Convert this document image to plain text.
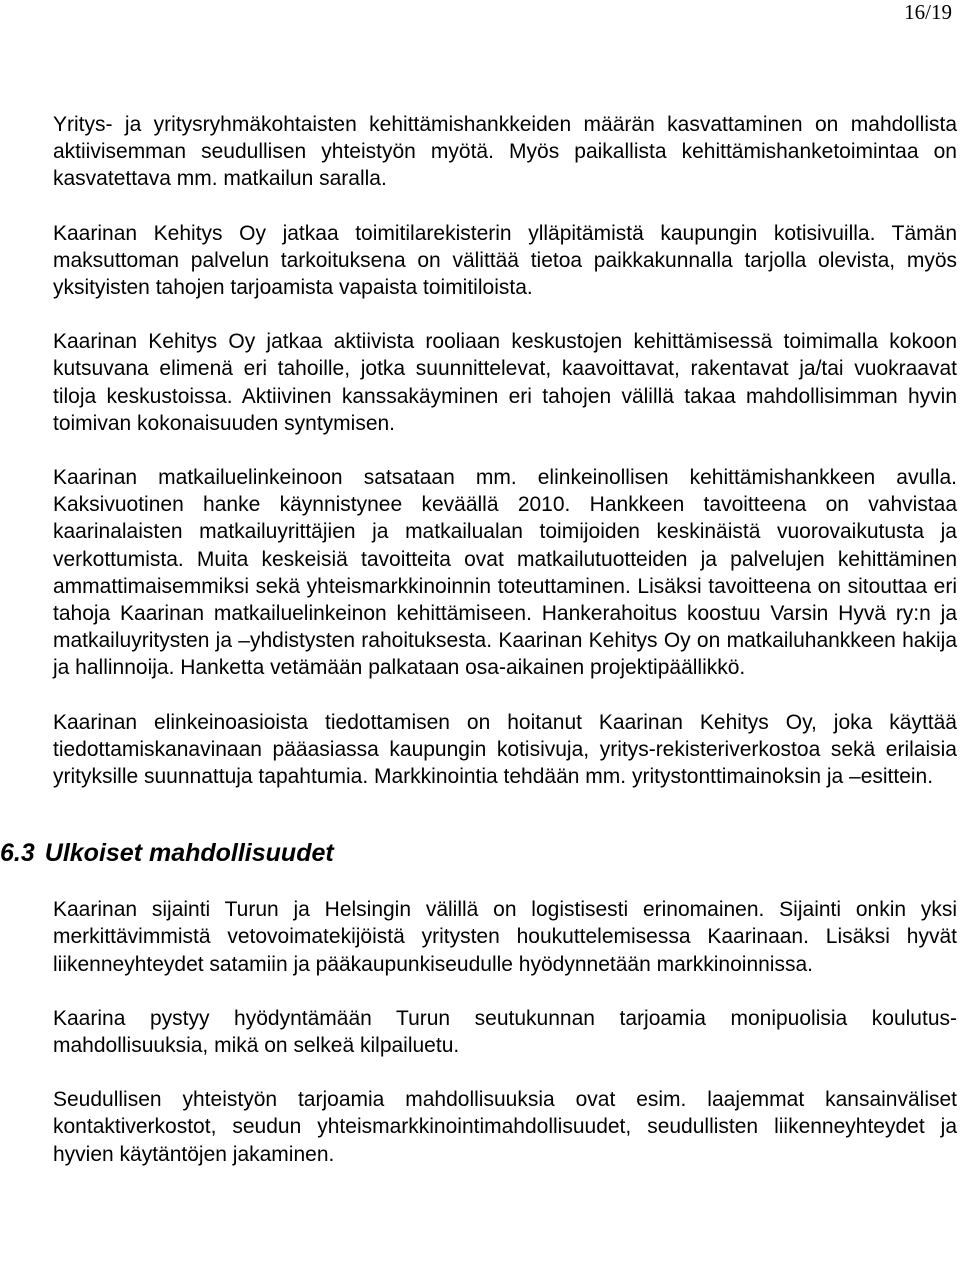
16/19

Yritys- ja yritysryhmäkohtaisten kehittämishankkeiden määrän kasvattaminen on mahdollista aktiivisemman seudullisen yhteistyön myötä. Myös paikallista kehittämishanketoimintaa on kasvatettava mm. matkailun saralla.

Kaarinan Kehitys Oy jatkaa toimitilarekisterin ylläpitämistä kaupungin kotisivuilla. Tämän maksuttoman palvelun tarkoituksena on välittää tietoa paikkakunnalla tarjolla olevista, myös yksityisten tahojen tarjoamista vapaista toimitiloista.

Kaarinan Kehitys Oy jatkaa aktiivista rooliaan keskustojen kehittämisessä toimimalla kokoon kutsuvana elimenä eri tahoille, jotka suunnittelevat, kaavoittavat, rakentavat ja/tai vuokraavat tiloja keskustoissa. Aktiivinen kanssakäyminen eri tahojen välillä takaa mahdollisimman hyvin toimivan kokonaisuuden syntymisen.

Kaarinan matkailuelinkeinoon satsataan mm. elinkeinollisen kehittämishankkeen avulla. Kaksivuotinen hanke käynnistynee keväällä 2010. Hankkeen tavoitteena on vahvistaa kaarinalaisten matkailuyrittäjien ja matkailualan toimijoiden keskinäistä vuorovaikutusta ja verkottumista. Muita keskeisiä tavoitteita ovat matkailutuotteiden ja palvelujen kehittäminen ammattimaisemmiksi sekä yhteismarkkinoinnin toteuttaminen. Lisäksi tavoitteena on sitouttaa eri tahoja Kaarinan matkailuelinkeinon kehittämiseen. Hankerahoitus koostuu Varsin Hyvä ry:n ja matkailuyritysten ja –yhdistysten rahoituksesta. Kaarinan Kehitys Oy on matkailuhankkeen hakija ja hallinnoija. Hanketta vetämään palkataan osa-aikainen projektipäällikkö.

Kaarinan elinkeinoasioista tiedottamisen on hoitanut Kaarinan Kehitys Oy, joka käyttää tiedottamiskanavinaan pääasiassa kaupungin kotisivuja, yritys-rekisteriverkostoa sekä erilaisia yrityksille suunnattuja tapahtumia. Markkinointia tehdään mm. yritystonttimainoksin ja –esittein.

6.3 Ulkoiset mahdollisuudet

Kaarinan sijainti Turun ja Helsingin välillä on logistisesti erinomainen. Sijainti onkin yksi merkittävimmistä vetovoimatekijöistä yritysten houkuttelemisessa Kaarinaan. Lisäksi hyvät liikenneyhteydet satamiin ja pääkaupunkiseudulle hyödynnetään markkinoinnissa.

Kaarina pystyy hyödyntämään Turun seutukunnan tarjoamia monipuolisia koulutus-mahdollisuuksia, mikä on selkeä kilpailuetu.

Seudullisen yhteistyön tarjoamia mahdollisuuksia ovat esim. laajemmat kansainväliset kontaktiverkostot, seudun yhteismarkkinointimahdollisuudet, seudullisten liikenneyhteydet ja hyvien käytäntöjen jakaminen.
